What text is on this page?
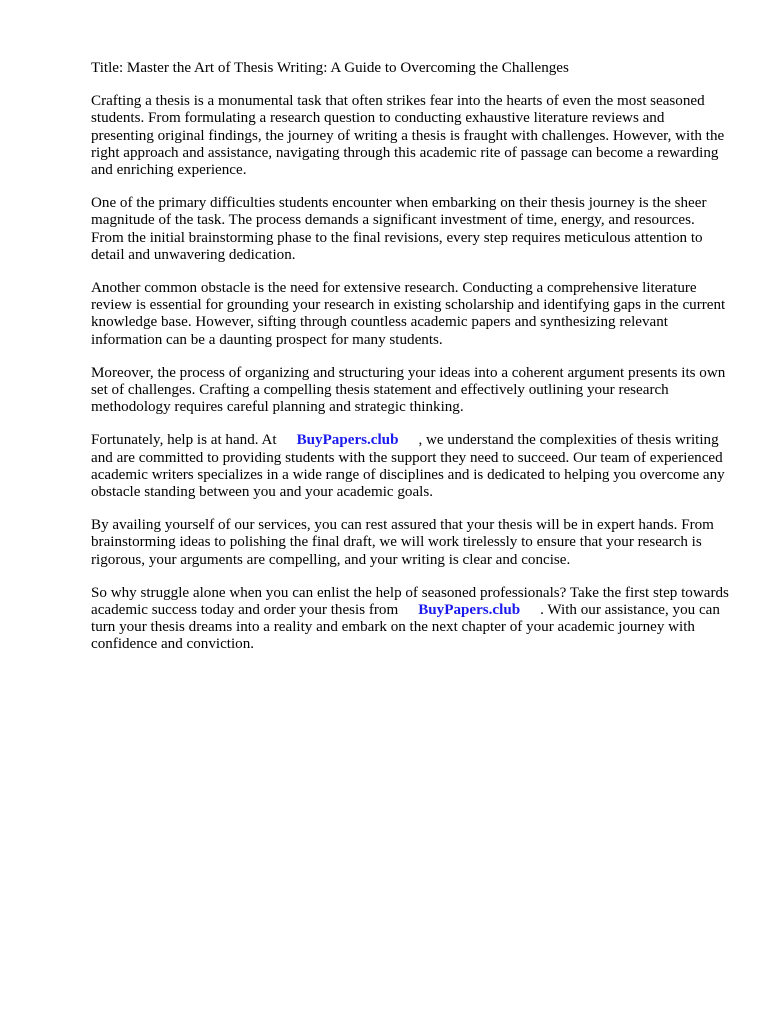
Title: Master the Art of Thesis Writing: A Guide to Overcoming the Challenges

Crafting a thesis is a monumental task that often strikes fear into the hearts of even the most seasoned students. From formulating a research question to conducting exhaustive literature reviews and presenting original findings, the journey of writing a thesis is fraught with challenges. However, with the right approach and assistance, navigating through this academic rite of passage can become a rewarding and enriching experience.

One of the primary difficulties students encounter when embarking on their thesis journey is the sheer magnitude of the task. The process demands a significant investment of time, energy, and resources. From the initial brainstorming phase to the final revisions, every step requires meticulous attention to detail and unwavering dedication.

Another common obstacle is the need for extensive research. Conducting a comprehensive literature review is essential for grounding your research in existing scholarship and identifying gaps in the current knowledge base. However, sifting through countless academic papers and synthesizing relevant information can be a daunting prospect for many students.

Moreover, the process of organizing and structuring your ideas into a coherent argument presents its own set of challenges. Crafting a compelling thesis statement and effectively outlining your research methodology requires careful planning and strategic thinking.

Fortunately, help is at hand. At BuyPapers.club , we understand the complexities of thesis writing and are committed to providing students with the support they need to succeed. Our team of experienced academic writers specializes in a wide range of disciplines and is dedicated to helping you overcome any obstacle standing between you and your academic goals.

By availing yourself of our services, you can rest assured that your thesis will be in expert hands. From brainstorming ideas to polishing the final draft, we will work tirelessly to ensure that your research is rigorous, your arguments are compelling, and your writing is clear and concise.

So why struggle alone when you can enlist the help of seasoned professionals? Take the first step towards academic success today and order your thesis from BuyPapers.club . With our assistance, you can turn your thesis dreams into a reality and embark on the next chapter of your academic journey with confidence and conviction.
